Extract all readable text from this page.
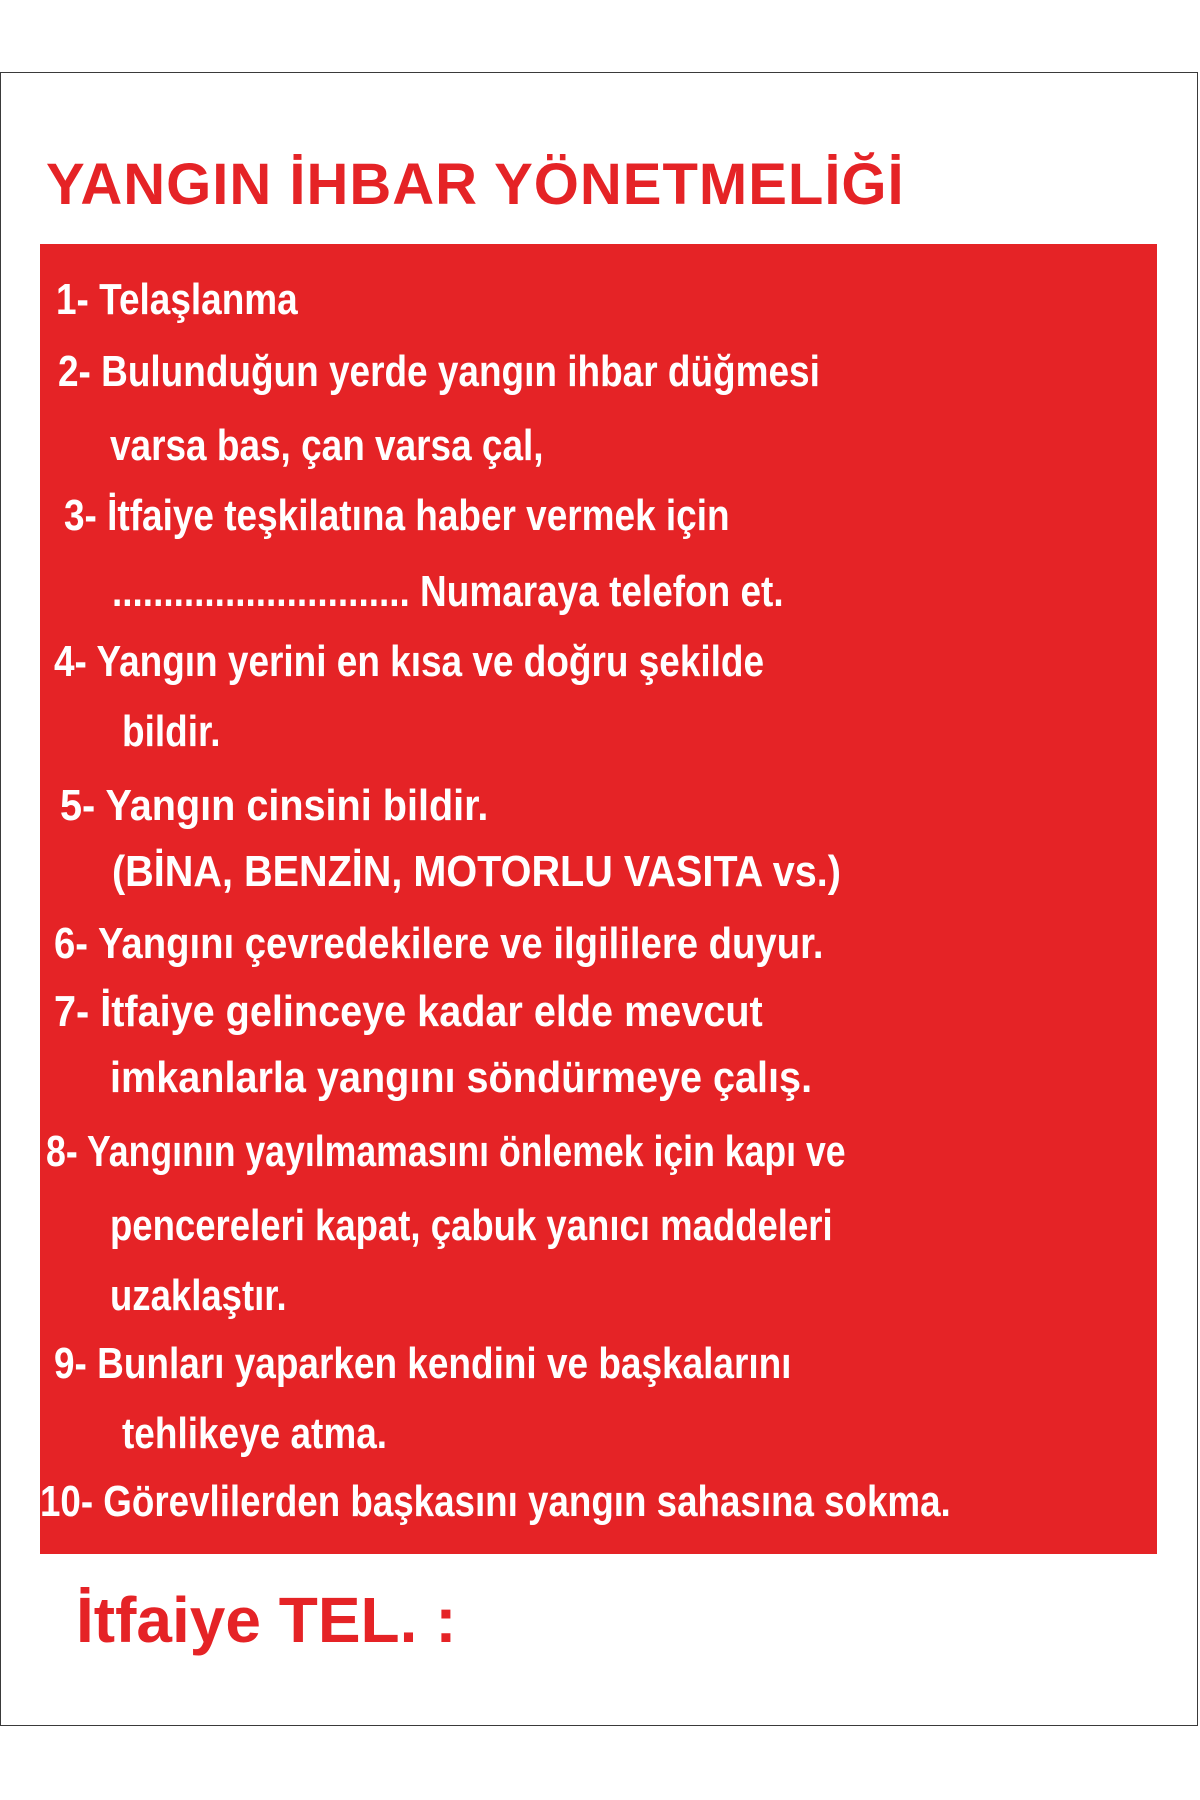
YANGIN İHBAR YÖNETMELİĞİ
1- Telaşlanma
2- Bulunduğun yerde yangın ihbar düğmesi
varsa bas, çan varsa çal,
3- İtfaiye teşkilatına haber vermek için
............................. Numaraya telefon et.
4- Yangın yerini en kısa ve doğru şekilde
bildir.
5- Yangın cinsini bildir.
(BİNA, BENZİN, MOTORLU VASITA vs.)
6- Yangını çevredekilere ve ilgililere duyur.
7- İtfaiye gelinceye kadar elde mevcut
imkanlarla yangını söndürmeye çalış.
8- Yangının yayılmamasını önlemek için kapı ve
pencereleri kapat, çabuk yanıcı maddeleri
uzaklaştır.
9- Bunları yaparken kendini ve başkalarını
tehlikeye atma.
10- Görevlilerden başkasını yangın sahasına sokma.
İtfaiye TEL. :
